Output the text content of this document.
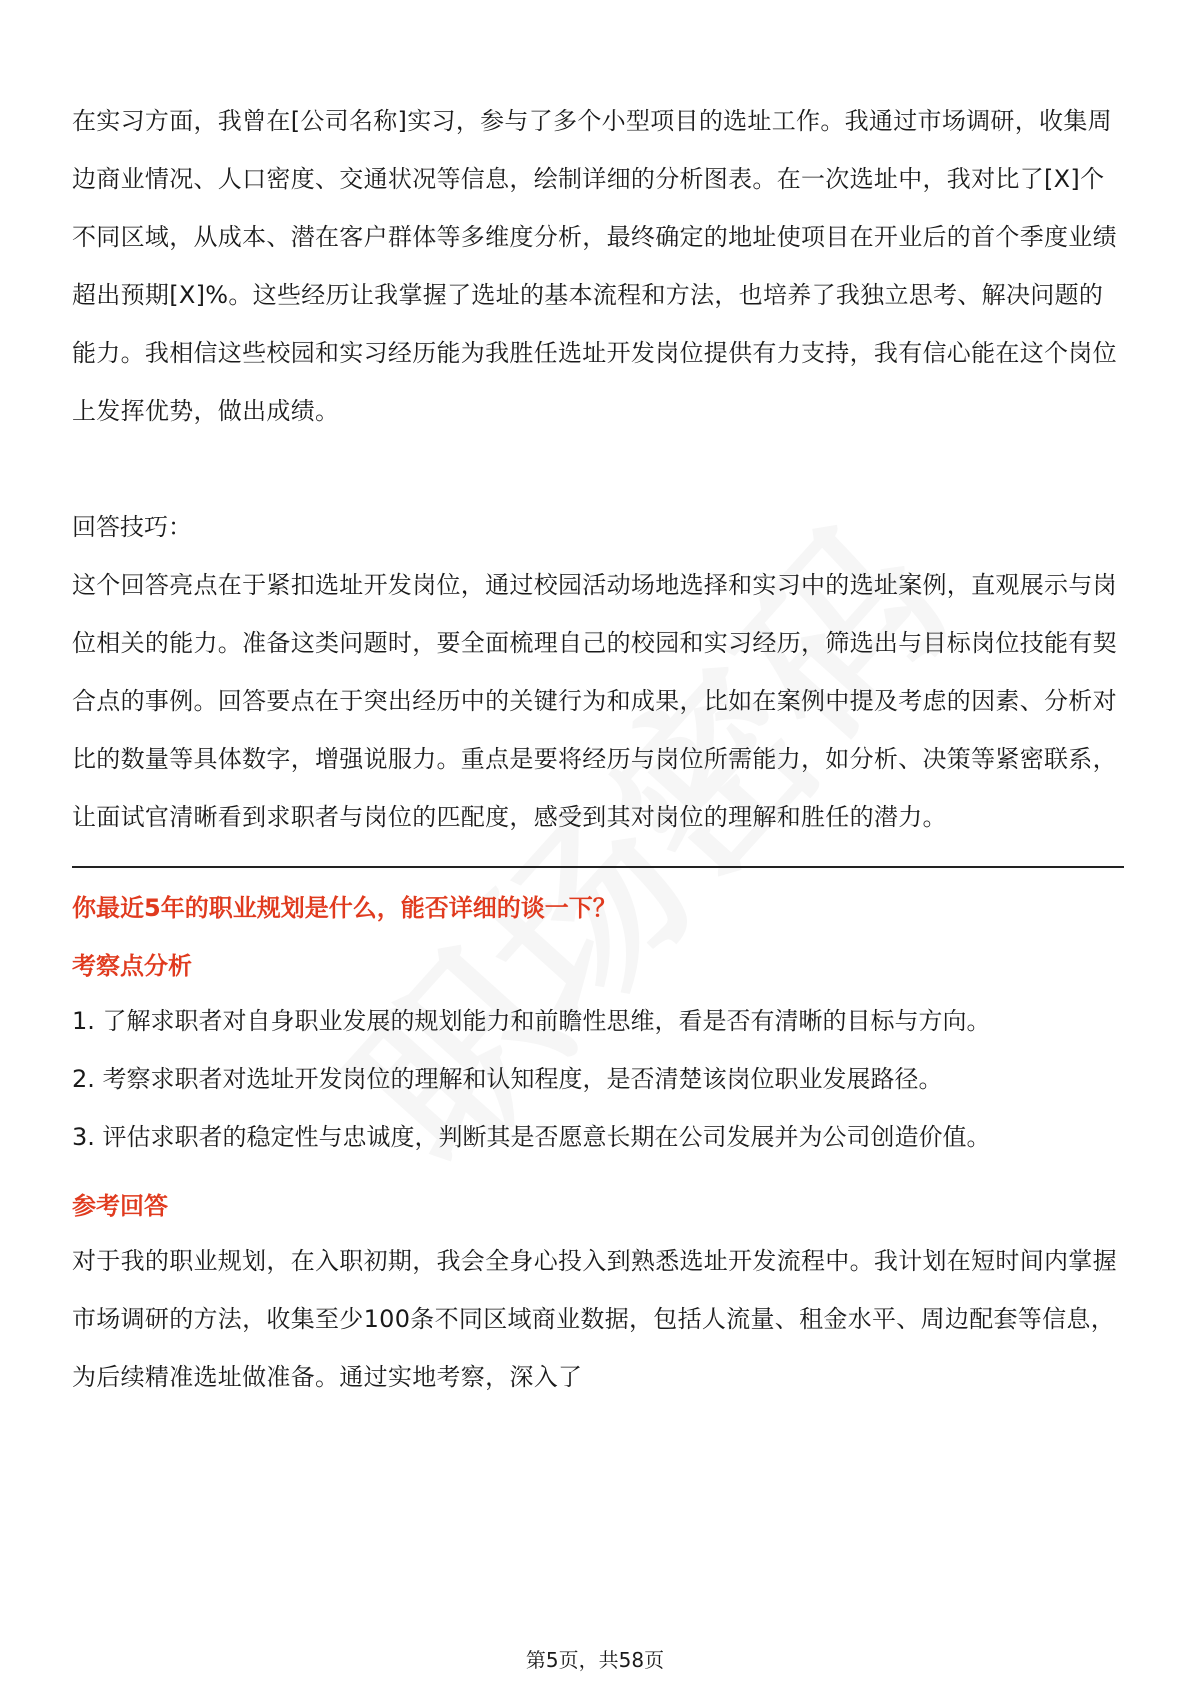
在实习方面，我曾在[公司名称]实习，参与了多个小型项目的选址工作。我通过市场调研，收集周边商业情况、人口密度、交通状况等信息，绘制详细的分析图表。在一次选址中，我对比了[X]个不同区域，从成本、潜在客户群体等多维度分析，最终确定的地址使项目在开业后的首个季度业绩超出预期[X]%。这些经历让我掌握了选址的基本流程和方法，也培养了我独立思考、解决问题的能力。我相信这些校园和实习经历能为我胜任选址开发岗位提供有力支持，我有信心能在这个岗位上发挥优势，做出成绩。

回答技巧：

这个回答亮点在于紧扣选址开发岗位，通过校园活动场地选择和实习中的选址案例，直观展示与岗位相关的能力。准备这类问题时，要全面梳理自己的校园和实习经历，筛选出与目标岗位技能有契合点的事例。回答要点在于突出经历中的关键行为和成果，比如在案例中提及考虑的因素、分析对比的数量等具体数字，增强说服力。重点是要将经历与岗位所需能力，如分析、决策等紧密联系，让面试官清晰看到求职者与岗位的匹配度，感受到其对岗位的理解和胜任的潜力。

你最近5年的职业规划是什么，能否详细的谈一下？

考察点分析

1. 了解求职者对自身职业发展的规划能力和前瞻性思维，看是否有清晰的目标与方向。

2. 考察求职者对选址开发岗位的理解和认知程度，是否清楚该岗位职业发展路径。

3. 评估求职者的稳定性与忠诚度，判断其是否愿意长期在公司发展并为公司创造价值。

参考回答

对于我的职业规划，在入职初期，我会全身心投入到熟悉选址开发流程中。我计划在短时间内掌握市场调研的方法，收集至少100条不同区域商业数据，包括人流量、租金水平、周边配套等信息，为后续精准选址做准备。通过实地考察，深入了

第5页，共58页
